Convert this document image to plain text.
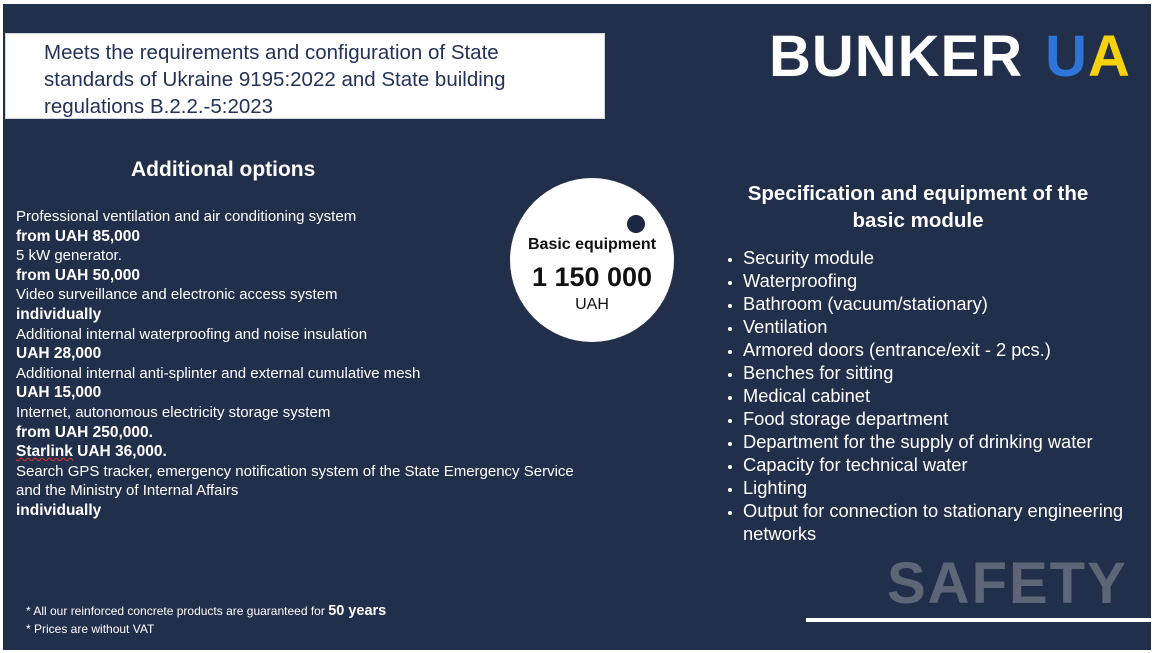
Meets the requirements and configuration of State standards of Ukraine 9195:2022 and State building regulations B.2.2.-5:2023

BUNKER UA
Additional options
Professional ventilation and air conditioning system
from UAH 85,000
5 kW generator.
from UAH 50,000
Video surveillance and electronic access system
individually
Additional internal waterproofing and noise insulation
UAH 28,000
Additional internal anti-splinter and external cumulative mesh
UAH 15,000
Internet, autonomous electricity storage system
from UAH 250,000.
Starlink UAH 36,000.
Search GPS tracker, emergency notification system of the State Emergency Service and the Ministry of Internal Affairs
individually

Basic equipment

1 150 000

UAH

Specification and equipment of the basic module
• Security module
• Waterproofing
• Bathroom (vacuum/stationary)
• Ventilation
• Armored doors (entrance/exit - 2 pcs.)
• Benches for sitting
• Medical cabinet
• Food storage department
• Department for the supply of drinking water
• Capacity for technical water
• Lighting
• Output for connection to stationary engineering networks
SAFETY
* All our reinforced concrete products are guaranteed for 50 years
* Prices are without VAT
